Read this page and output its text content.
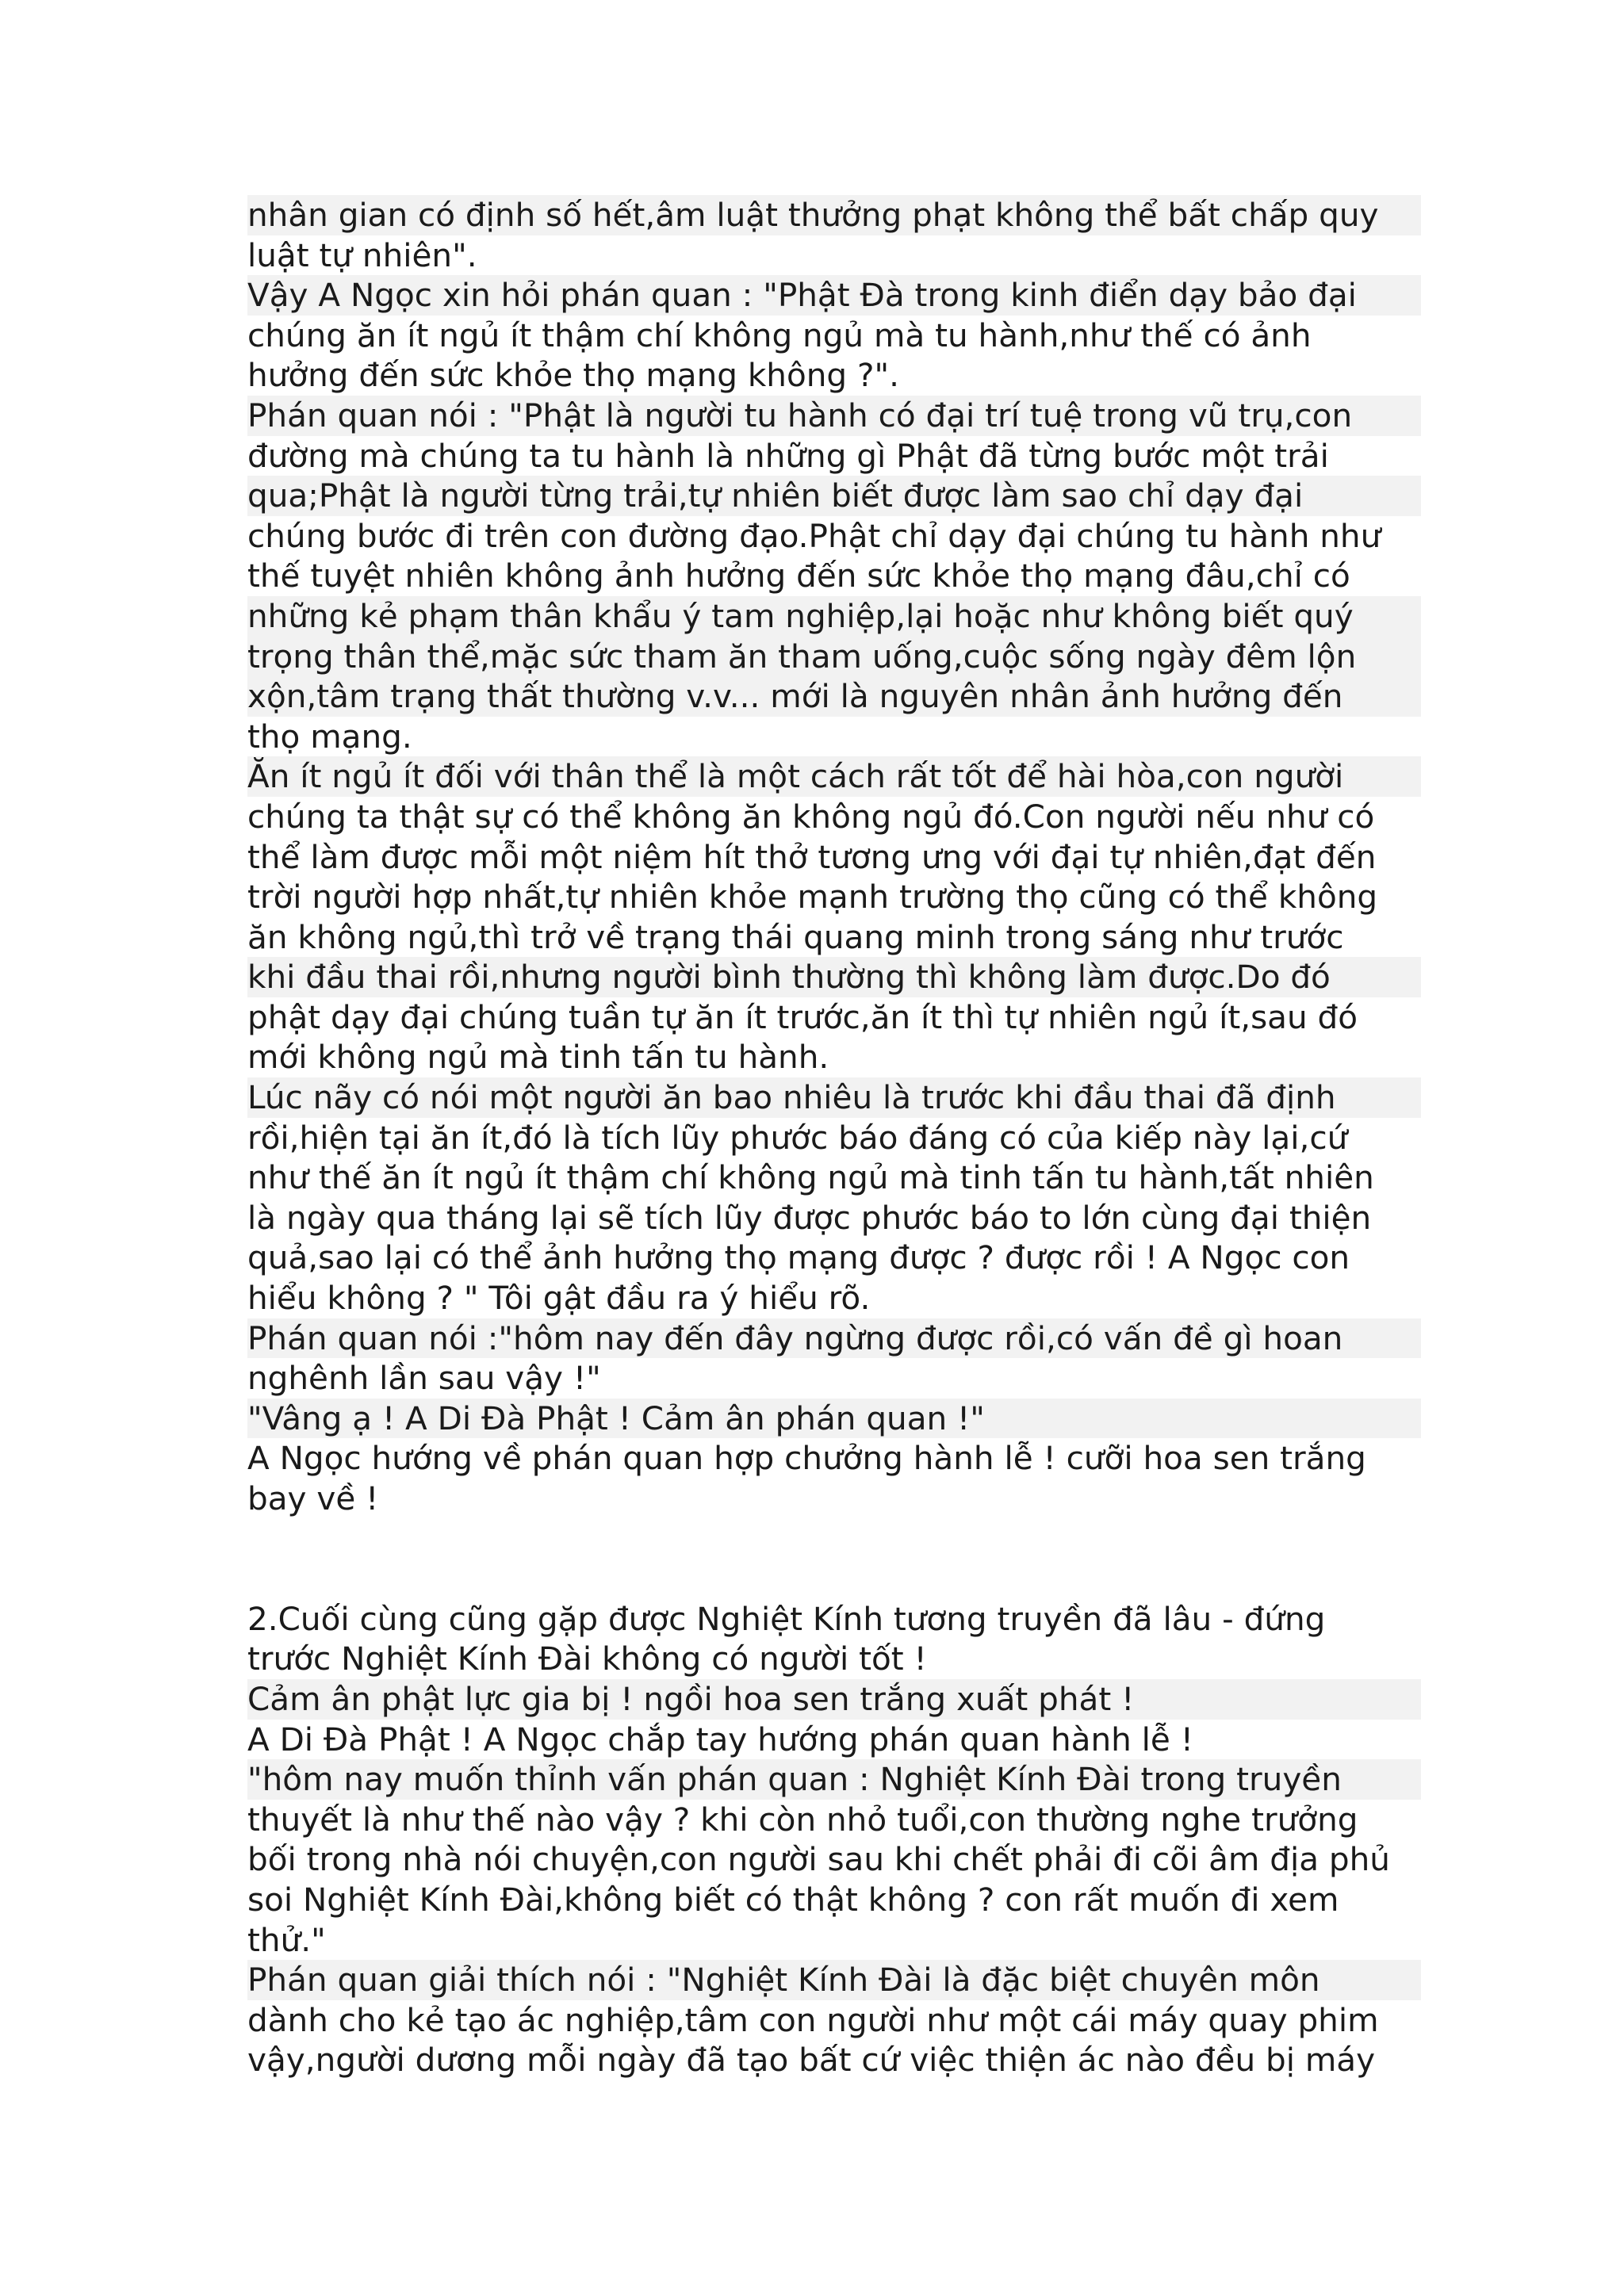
nhân gian có định số hết,âm luật thưởng phạt không thể bất chấp quy
luật tự nhiên".
Vậy A Ngọc xin hỏi phán quan : "Phật Đà trong kinh điển dạy bảo đại
chúng ăn ít ngủ ít thậm chí không ngủ mà tu hành,như thế có ảnh
hưởng đến sức khỏe thọ mạng không ?".
Phán quan nói : "Phật là người tu hành có đại trí tuệ trong vũ trụ,con
đường mà chúng ta tu hành là những gì Phật đã từng bước một trải
qua;Phật là người từng trải,tự nhiên biết được làm sao chỉ dạy đại
chúng bước đi trên con đường đạo.Phật chỉ dạy đại chúng tu hành như
thế tuyệt nhiên không ảnh hưởng đến sức khỏe thọ mạng đâu,chỉ có
những kẻ phạm thân khẩu ý tam nghiệp,lại hoặc như không biết quý
trọng thân thể,mặc sức tham ăn tham uống,cuộc sống ngày đêm lộn
xộn,tâm trạng thất thường v.v... mới là nguyên nhân ảnh hưởng đến
thọ mạng.
Ăn ít ngủ ít đối với thân thể là một cách rất tốt để hài hòa,con người
chúng ta thật sự có thể không ăn không ngủ đó.Con người nếu như có
thể làm được mỗi một niệm hít thở tương ưng với đại tự nhiên,đạt đến
trời người hợp nhất,tự nhiên khỏe mạnh trường thọ cũng có thể không
ăn không ngủ,thì trở về trạng thái quang minh trong sáng như trước
khi đầu thai rồi,nhưng người bình thường thì không làm được.Do đó
phật dạy đại chúng tuần tự ăn ít trước,ăn ít thì tự nhiên ngủ ít,sau đó
mới không ngủ mà tinh tấn tu hành.
Lúc nãy có nói một người ăn bao nhiêu là trước khi đầu thai đã định
rồi,hiện tại ăn ít,đó là tích lũy phước báo đáng có của kiếp này lại,cứ
như thế ăn ít ngủ ít thậm chí không ngủ mà tinh tấn tu hành,tất nhiên
là ngày qua tháng lại sẽ tích lũy được phước báo to lớn cùng đại thiện
quả,sao lại có thể ảnh hưởng thọ mạng được ? được rồi ! A Ngọc con
hiểu không ? " Tôi gật đầu ra ý hiểu rõ.
Phán quan nói :"hôm nay đến đây ngừng được rồi,có vấn đề gì hoan
nghênh lần sau vậy !"
"Vâng ạ ! A Di Đà Phật ! Cảm ân phán quan !"
A Ngọc hướng về phán quan hợp chưởng hành lễ ! cưỡi hoa sen trắng
bay về !
2.Cuối cùng cũng gặp được Nghiệt Kính tương truyền đã lâu - đứng
trước Nghiệt Kính Đài không có người tốt !
Cảm ân phật lực gia bị ! ngồi hoa sen trắng xuất phát !
A Di Đà Phật ! A Ngọc chắp tay hướng phán quan hành lễ !
"hôm nay muốn thỉnh vấn phán quan : Nghiệt Kính Đài trong truyền
thuyết là như thế nào vậy ? khi còn nhỏ tuổi,con thường nghe trưởng
bối trong nhà nói chuyện,con người sau khi chết phải đi cõi âm địa phủ
soi Nghiệt Kính Đài,không biết có thật không ? con rất muốn đi xem
thử."
Phán quan giải thích nói : "Nghiệt Kính Đài là đặc biệt chuyên môn
dành cho kẻ tạo ác nghiệp,tâm con người như một cái máy quay phim
vậy,người dương mỗi ngày đã tạo bất cứ việc thiện ác nào đều bị máy
